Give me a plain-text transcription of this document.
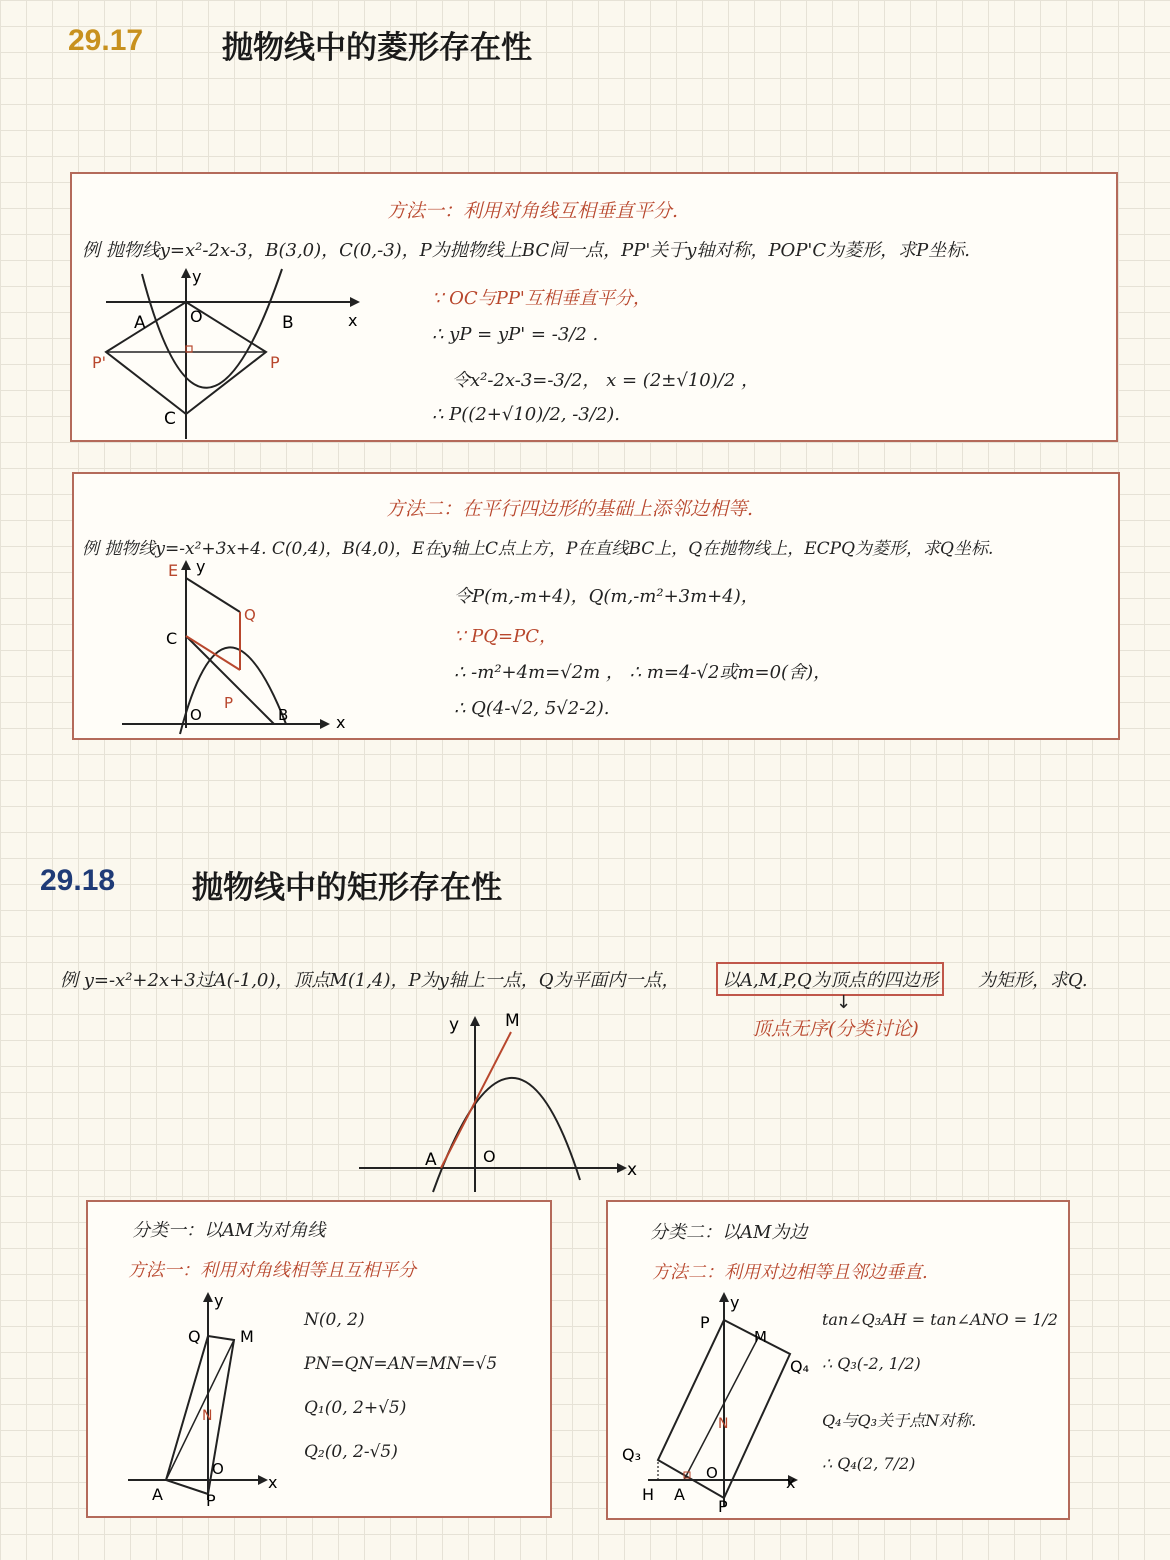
29.17	抛物线中的菱形存在性
方法一：利用对角线互相垂直平分.
例 抛物线y=x²-2x-3，B(3,0)，C(0,-3)，P为抛物线上BC间一点，PP'关于y轴对称，POP'C为菱形，求P坐标.
∵ OC与PP'互相垂直平分，
∴ yP = yP' = -3/2 .
令x²-2x-3=-3/2， x = (2±√10)/2 ，
∴ P((2+√10)/2, -3/2).
y
x
A	O	B
P'	P
C
方法二：在平行四边形的基础上添邻边相等.
例 抛物线y=-x²+3x+4. C(0,4)，B(4,0)，E在y轴上C点上方，P在直线BC上，Q在抛物线上，ECPQ为菱形，求Q坐标.
令P(m,-m+4)，Q(m,-m²+3m+4)，
∵ PQ=PC，
∴ -m²+4m=√2m ， ∴ m=4-√2或m=0(舍)，
∴ Q(4-√2, 5√2-2).
E y
Q
C
P
O	B	x
29.18 抛物线中的矩形存在性
例 y=-x²+2x+3过A(-1,0)，顶点M(1,4)，P为y轴上一点，Q为平面内一点，	以A,M,P,Q为顶点的四边形	为矩形，求Q.
↓
顶点无序(分类讨论)
y	M
A	O
x
分类一：以AM为对角线
方法一：利用对角线相等且互相平分
N(0, 2)
PN=QN=AN=MN=√5
Q₁(0, 2+√5)
Q₂(0, 2-√5)
y
Q M
N
O
A	P
x
分类二：以AM为边
方法二：利用对边相等且邻边垂直.
tan∠Q₃AH = tan∠ANO = 1/2
∴ Q₃(-2, 1/2)
Q₄与Q₃关于点N对称.
∴ Q₄(2, 7/2)
P
y
M
Q₄
N
Q₃
O
H A
P
x
